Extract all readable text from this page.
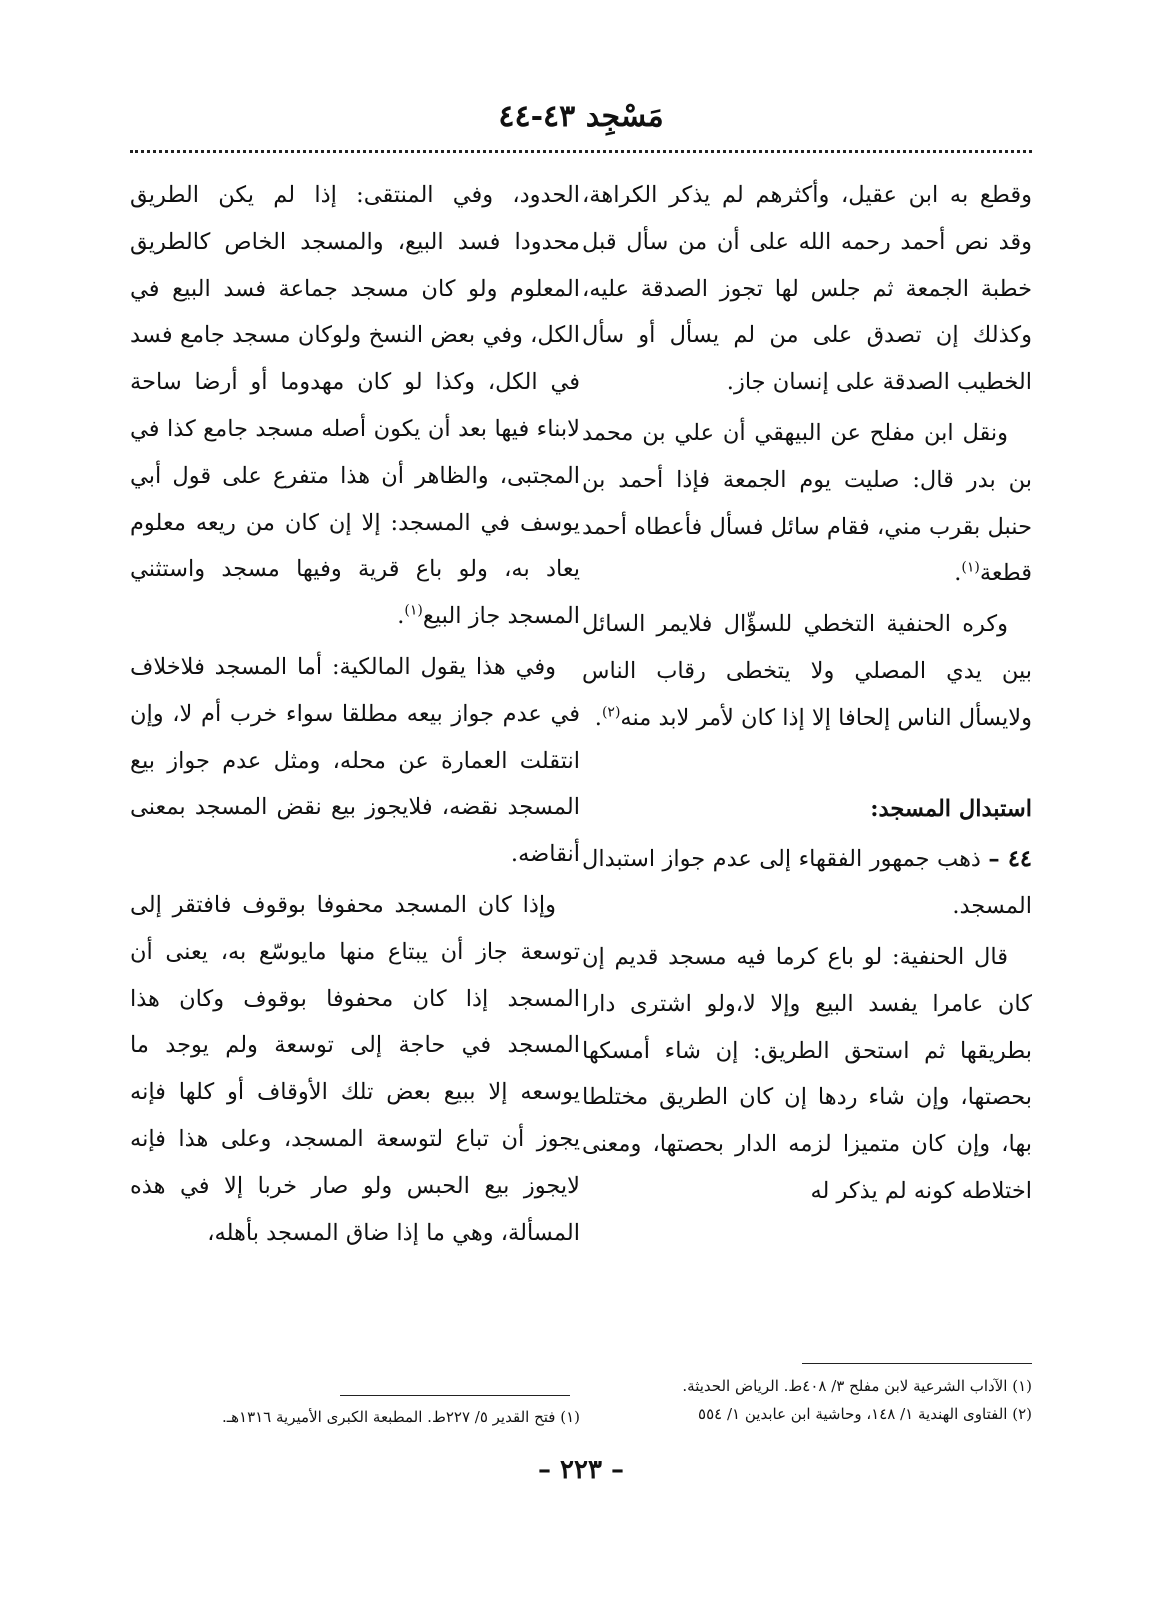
مَسْجِد ٤٣-٤٤

وقطع به ابن عقيل، وأكثرهم لم يذكر الكراهة، وقد نص أحمد رحمه الله على أن من سأل قبل خطبة الجمعة ثم جلس لها تجوز الصدقة عليه، وكذلك إن تصدق على من لم يسأل أو سأل الخطيب الصدقة على إنسان جاز.

ونقل ابن مفلح عن البيهقي أن علي بن محمد بن بدر قال: صليت يوم الجمعة فإذا أحمد بن حنبل بقرب مني، فقام سائل فسأل فأعطاه أحمد قطعة$^{(١)}$.

وكره الحنفية التخطي للسؤّال فلايمر السائل بين يدي المصلي ولا يتخطى رقاب الناس ولايسأل الناس إلحافا إلا إذا كان لأمر لابد منه$^{(٢)}$.

استبدال المسجد:

٤٤ – ذهب جمهور الفقهاء إلى عدم جواز استبدال المسجد.

قال الحنفية: لو باع كرما فيه مسجد قديم إن كان عامرا يفسد البيع وإلا لا،ولو اشترى دارا بطريقها ثم استحق الطريق: إن شاء أمسكها بحصتها، وإن شاء ردها إن كان الطريق مختلطا بها، وإن كان متميزا لزمه الدار بحصتها، ومعنى اختلاطه كونه لم يذكر له

الحدود، وفي المنتقى: إذا لم يكن الطريق محدودا فسد البيع، والمسجد الخاص كالطريق المعلوم ولو كان مسجد جماعة فسد البيع في الكل، وفي بعض النسخ ولوكان مسجد جامع فسد في الكل، وكذا لو كان مهدوما أو أرضا ساحة لابناء فيها بعد أن يكون أصله مسجد جامع كذا في المجتبى، والظاهر أن هذا متفرع على قول أبي يوسف في المسجد: إلا إن كان من ريعه معلوم يعاد به، ولو باع قرية وفيها مسجد واستثني المسجد جاز البيع$^{(١)}$.

وفي هذا يقول المالكية: أما المسجد فلاخلاف في عدم جواز بيعه مطلقا سواء خرب أم لا، وإن انتقلت العمارة عن محله، ومثل عدم جواز بيع المسجد نقضه، فلايجوز بيع نقض المسجد بمعنى أنقاضه.

وإذا كان المسجد محفوفا بوقوف فافتقر إلى توسعة جاز أن يبتاع منها مايوسّع به، يعنى أن المسجد إذا كان محفوفا بوقوف وكان هذا المسجد في حاجة إلى توسعة ولم يوجد ما يوسعه إلا ببيع بعض تلك الأوقاف أو كلها فإنه يجوز أن تباع لتوسعة المسجد، وعلى هذا فإنه لايجوز بيع الحبس ولو صار خربا إلا في هذه المسألة، وهي ما إذا ضاق المسجد بأهله،

(١) الآداب الشرعية لابن مفلح ٣/ ٤٠٨ط. الرياض الحديثة.
(٢) الفتاوى الهندية ١/ ١٤٨، وحاشية ابن عابدين ١/ ٥٥٤
(١) فتح القدير ٥/ ٢٢٧ط. المطبعة الكبرى الأميرية ١٣١٦هـ.
– ٢٢٣ –
